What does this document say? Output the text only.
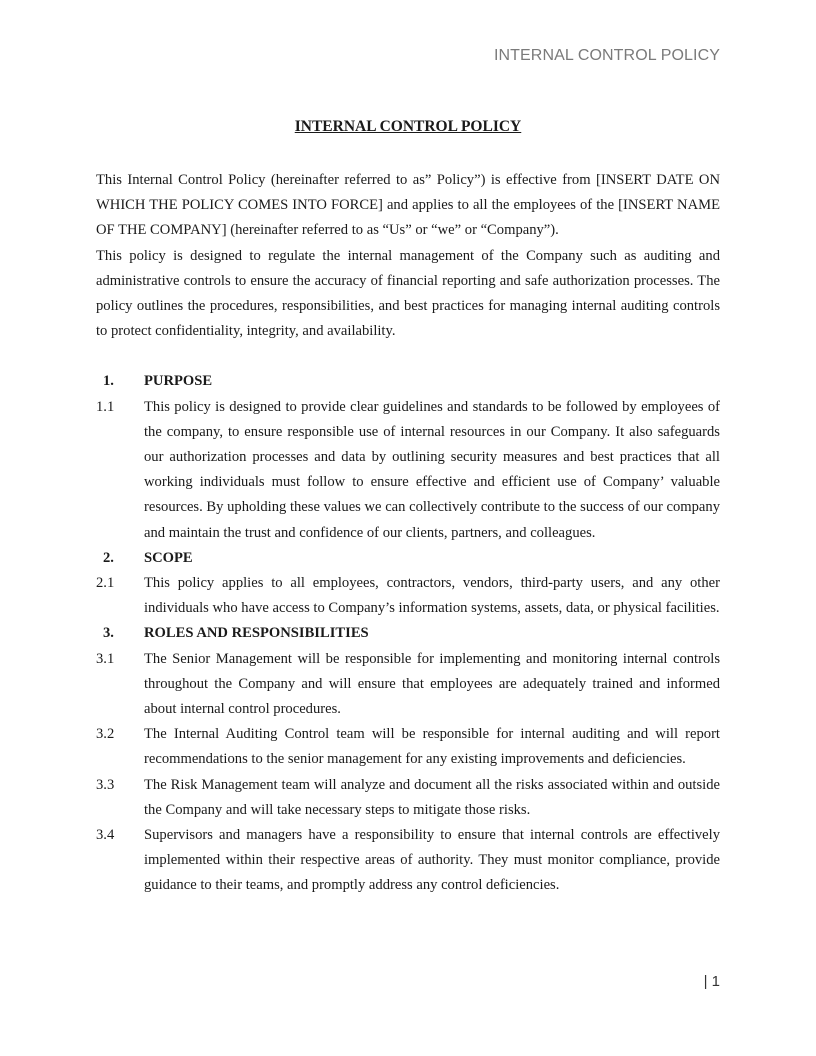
INTERNAL CONTROL POLICY
INTERNAL CONTROL POLICY

This Internal Control Policy (hereinafter referred to as” Policy”) is effective from [INSERT DATE ON WHICH THE POLICY COMES INTO FORCE] and applies to all the employees of the [INSERT NAME OF THE COMPANY] (hereinafter referred to as “Us” or “we” or “Company”).

This policy is designed to regulate the internal management of the Company such as auditing and administrative controls to ensure the accuracy of financial reporting and safe authorization processes. The policy outlines the procedures, responsibilities, and best practices for managing internal auditing controls to protect confidentiality, integrity, and availability.

1.	PURPOSE
1.1	This policy is designed to provide clear guidelines and standards to be followed by employees of the company, to ensure responsible use of internal resources in our Company. It also safeguards our authorization processes and data by outlining security measures and best practices that all working individuals must follow to ensure effective and efficient use of Company’ valuable resources. By upholding these values we can collectively contribute to the success of our company and maintain the trust and confidence of our clients, partners, and colleagues.
2.	SCOPE
2.1	This policy applies to all employees, contractors, vendors, third-party users, and any other individuals who have access to Company’s information systems, assets, data, or physical facilities.
3.	ROLES AND RESPONSIBILITIES
3.1	The Senior Management will be responsible for implementing and monitoring internal controls throughout the Company and will ensure that employees are adequately trained and informed about internal control procedures.
3.2	The Internal Auditing Control team will be responsible for internal auditing and will report recommendations to the senior management for any existing improvements and deficiencies.
3.3	The Risk Management team will analyze and document all the risks associated within and outside the Company and will take necessary steps to mitigate those risks.
3.4	Supervisors and managers have a responsibility to ensure that internal controls are effectively implemented within their respective areas of authority. They must monitor compliance, provide guidance to their teams, and promptly address any control deficiencies.
| 1
